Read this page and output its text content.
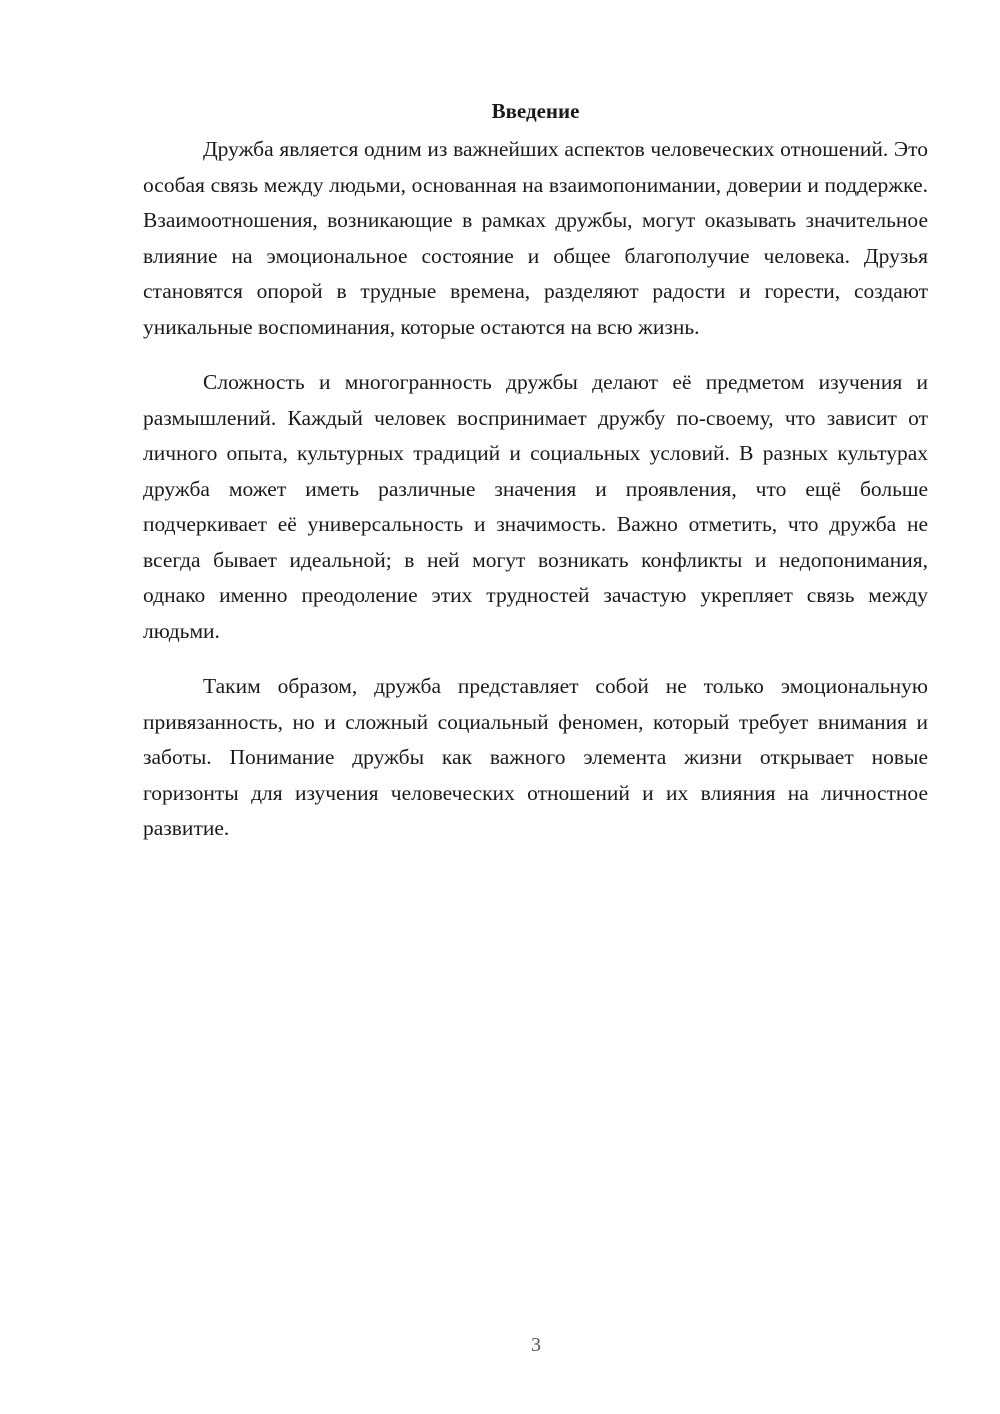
Введение

Дружба является одним из важнейших аспектов человеческих отношений. Это особая связь между людьми, основанная на взаимопонимании, доверии и поддержке. Взаимоотношения, возникающие в рамках дружбы, могут оказывать значительное влияние на эмоциональное состояние и общее благополучие человека. Друзья становятся опорой в трудные времена, разделяют радости и горести, создают уникальные воспоминания, которые остаются на всю жизнь.

Сложность и многогранность дружбы делают её предметом изучения и размышлений. Каждый человек воспринимает дружбу по-своему, что зависит от личного опыта, культурных традиций и социальных условий. В разных культурах дружба может иметь различные значения и проявления, что ещё больше подчеркивает её универсальность и значимость. Важно отметить, что дружба не всегда бывает идеальной; в ней могут возникать конфликты и недопонимания, однако именно преодоление этих трудностей зачастую укрепляет связь между людьми.

Таким образом, дружба представляет собой не только эмоциональную привязанность, но и сложный социальный феномен, который требует внимания и заботы. Понимание дружбы как важного элемента жизни открывает новые горизонты для изучения человеческих отношений и их влияния на личностное развитие.

3
